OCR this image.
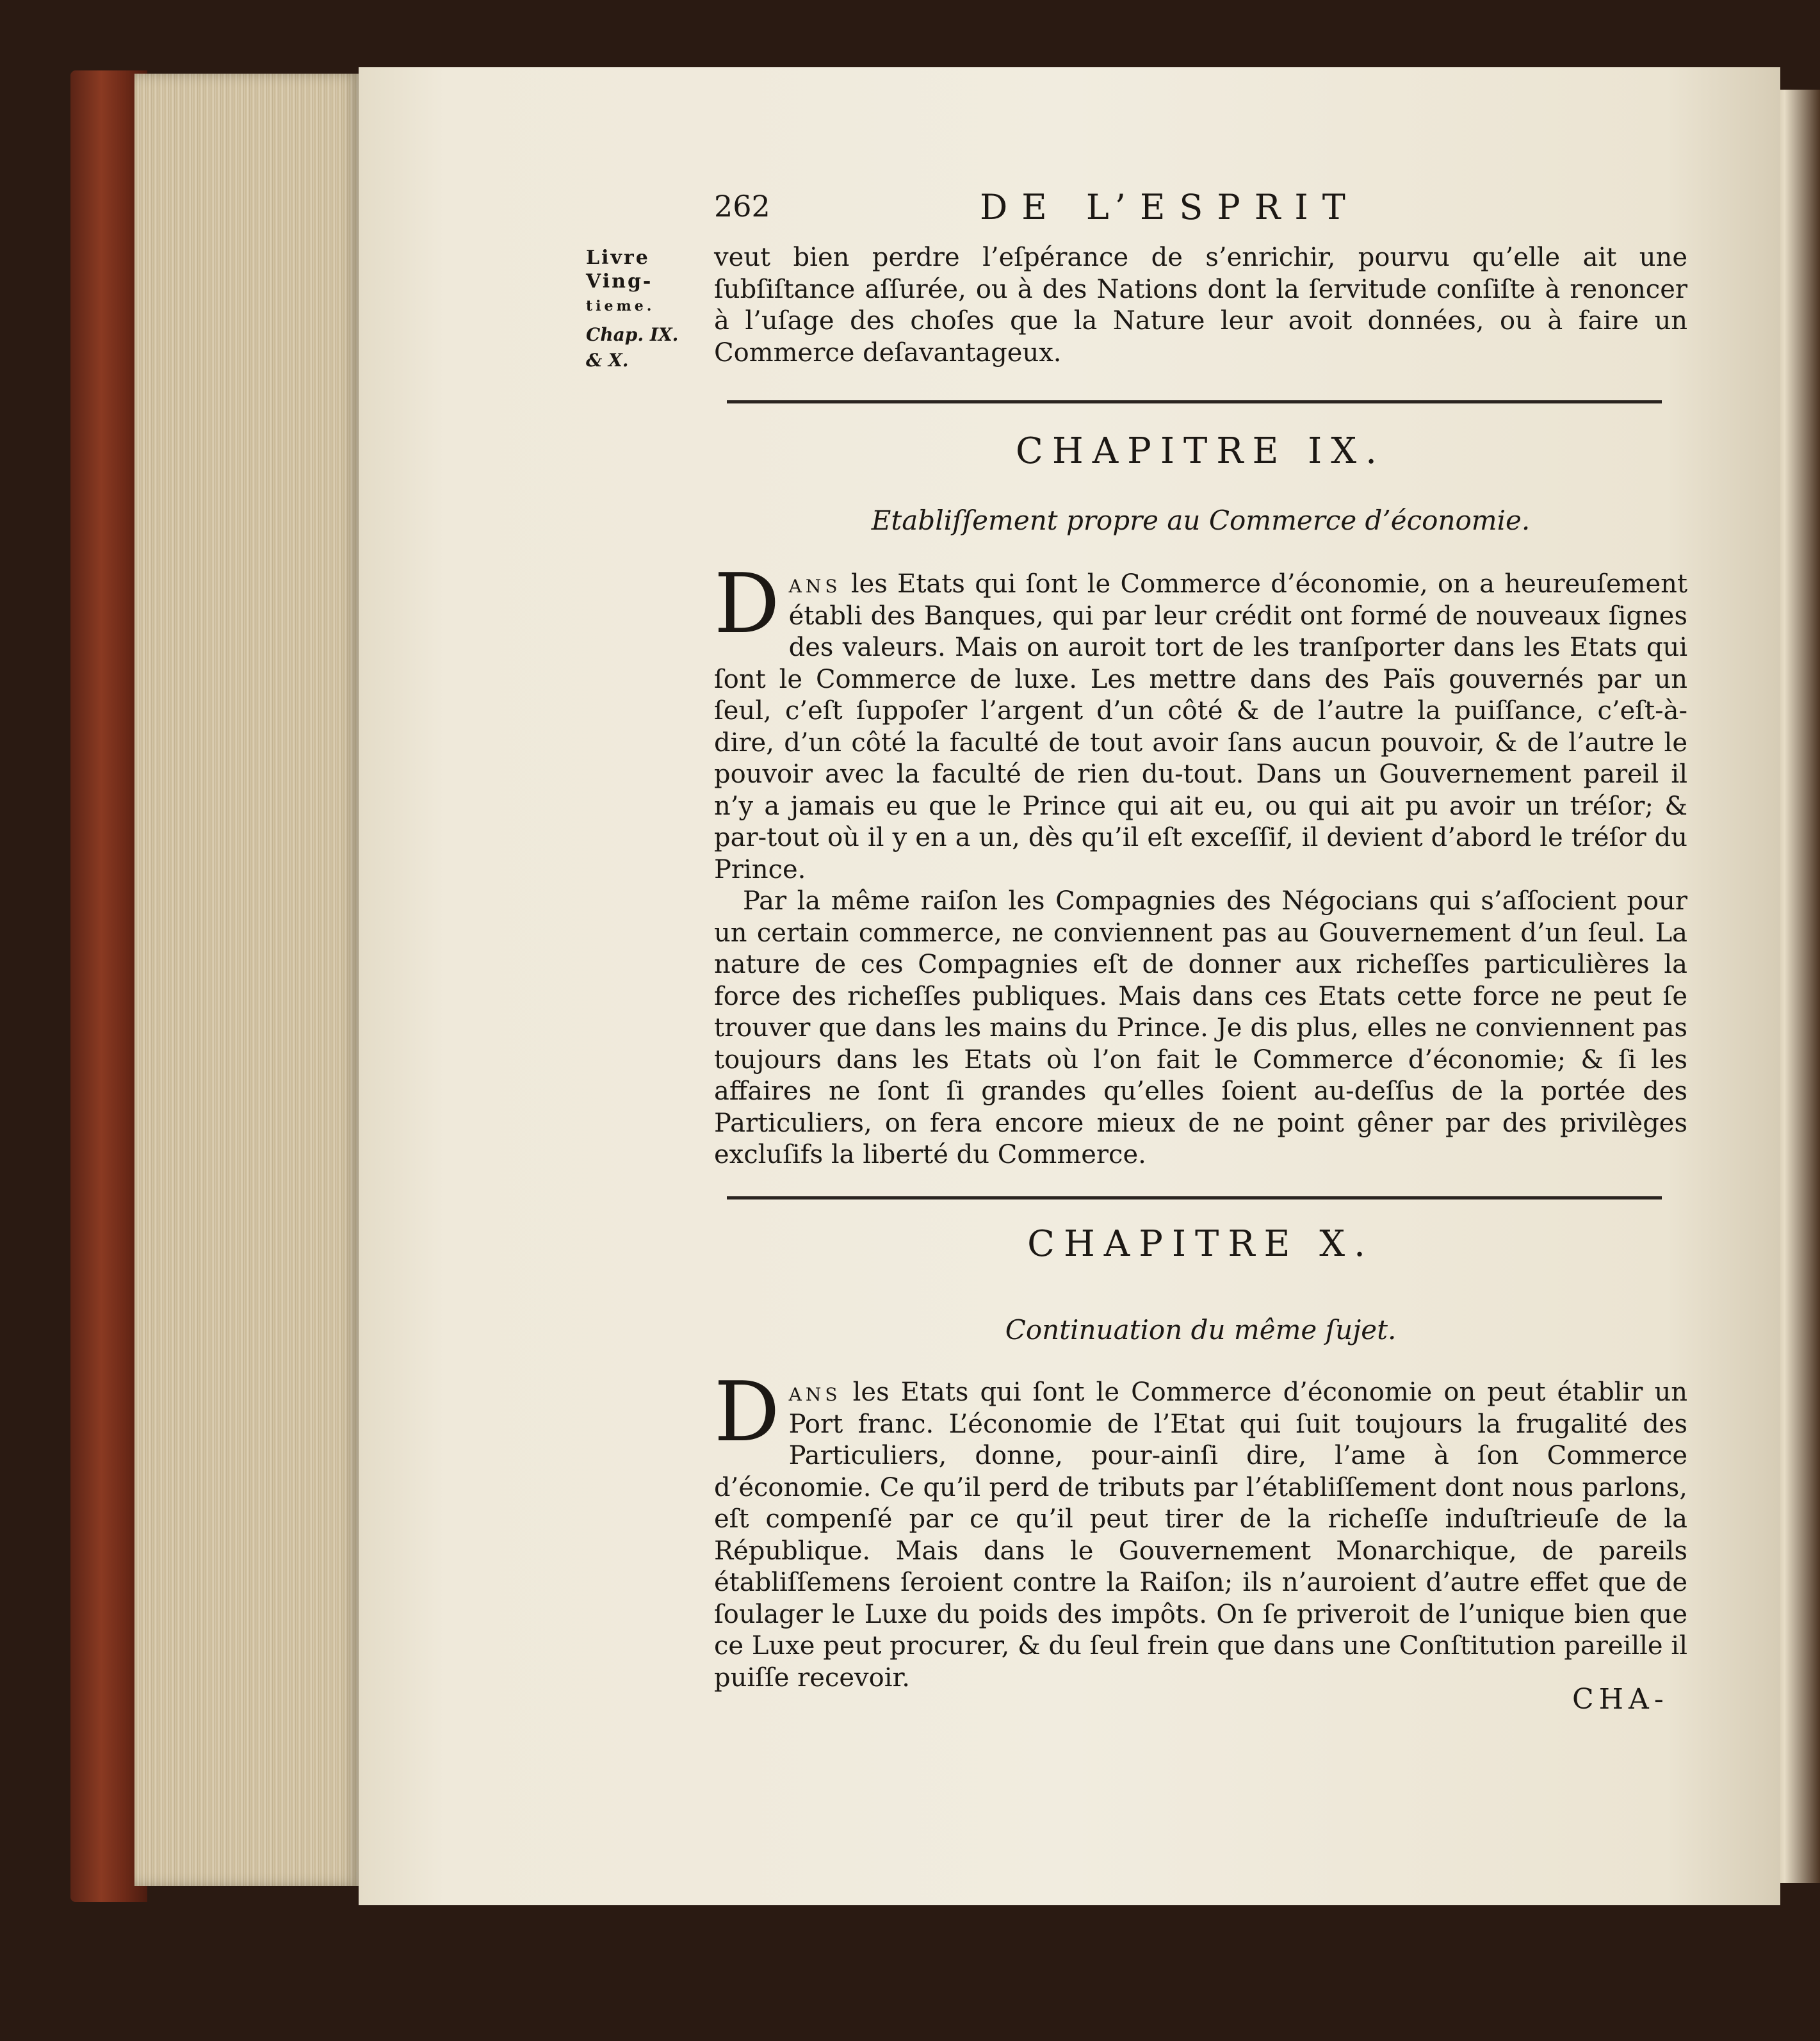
262	DE L’ESPRIT
Livre
Ving-
tieme.
Chap. IX.
& X.
veut bien perdre l’eſpérance de s’enrichir, pourvu qu’elle ait une ſubſiſtance aſſurée, ou à des Nations dont la ſervitude conſiſte à renoncer à l’uſage des choſes que la Nature leur avoit données, ou à faire un Commerce deſavantageux.
CHAPITRE IX.
Etabliſſement propre au Commerce d’économie.
Dans les Etats qui ſont le Commerce d’économie, on a heureuſement établi des Banques, qui par leur crédit ont formé de nouveaux ſignes des valeurs. Mais on auroit tort de les tranſporter dans les Etats qui ſont le Commerce de luxe. Les mettre dans des Païs gouvernés par un ſeul, c’eſt ſuppoſer l’argent d’un côté & de l’autre la puiſſance, c’eſt-à-dire, d’un côté la faculté de tout avoir ſans aucun pouvoir, & de l’autre le pouvoir avec la faculté de rien du-tout. Dans un Gouvernement pareil il n’y a jamais eu que le Prince qui ait eu, ou qui ait pu avoir un tréſor; & par-tout où il y en a un, dès qu’il eſt exceſſif, il devient d’abord le tréſor du Prince.
Par la même raiſon les Compagnies des Négocians qui s’aſſocient pour un certain commerce, ne conviennent pas au Gouvernement d’un ſeul. La nature de ces Compagnies eſt de donner aux richeſſes particulières la force des richeſſes publiques. Mais dans ces Etats cette force ne peut ſe trouver que dans les mains du Prince. Je dis plus, elles ne conviennent pas toujours dans les Etats où l’on fait le Commerce d’économie; & ſi les affaires ne ſont ſi grandes qu’elles ſoient au-deſſus de la portée des Particuliers, on fera encore mieux de ne point gêner par des privilèges excluſifs la liberté du Commerce.
CHAPITRE X.
Continuation du même ſujet.
Dans les Etats qui ſont le Commerce d’économie on peut établir un Port franc. L’économie de l’Etat qui ſuit toujours la frugalité des Particuliers, donne, pour-ainſi dire, l’ame à ſon Commerce d’économie. Ce qu’il perd de tributs par l’établiſſement dont nous parlons, eſt compenſé par ce qu’il peut tirer de la richeſſe induſtrieuſe de la République. Mais dans le Gouvernement Monarchique, de pareils établiſſemens ſeroient contre la Raiſon; ils n’auroient d’autre effet que de ſoulager le Luxe du poids des impôts. On ſe priveroit de l’unique bien que ce Luxe peut procurer, & du ſeul frein que dans une Conſtitution pareille il puiſſe recevoir.
CHA-
